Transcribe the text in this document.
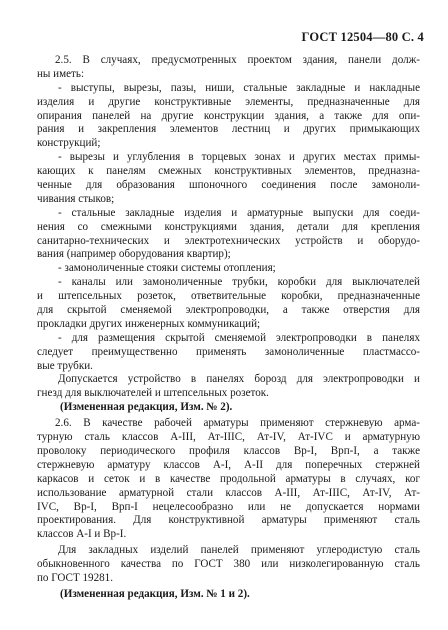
ГОСТ 12504—80 С. 4
2.5. В случаях, предусмотренных проектом здания, панели долж-
ны иметь:
- выступы, вырезы, пазы, ниши, стальные закладные и накладные
изделия и другие конструктивные элементы, предназначенные для
опирания панелей на другие конструкции здания, а также для опи-
рания и закрепления элементов лестниц и других примыкающих
конструкций;
- вырезы и углубления в торцевых зонах и других местах примы-
кающих к панелям смежных конструктивных элементов, предназна-
ченные для образования шпоночного соединения после замоноли-
чивания стыков;
- стальные закладные изделия и арматурные выпуски для соеди-
нения со смежными конструкциями здания, детали для крепления
санитарно-технических и электротехнических устройств и оборудо-
вания (например оборудования квартир);
- замоноличенные стояки системы отопления;
- каналы или замоноличенные трубки, коробки для выключателей
и штепсельных розеток, ответвительные коробки, предназначенные
для скрытой сменяемой электропроводки, а также отверстия для
прокладки других инженерных коммуникаций;
- для размещения скрытой сменяемой электропроводки в панелях
следует преимущественно применять замоноличенные пластмассо-
вые трубки.
Допускается устройство в панелях борозд для электропроводки и
гнезд для выключателей и штепсельных розеток.
(Измененная редакция, Изм. № 2).
2.6. В качестве рабочей арматуры применяют стержневую арма-
турную сталь классов А-III, Ат-IIIС, Ат-IV, Ат-IVС и арматурную
проволоку периодического профиля классов Вр-I, Врп-I, а также
стержневую арматуру классов А-I, А-II для поперечных стержней
каркасов и сеток и в качестве продольной арматуры в случаях, ког
использование арматурной стали классов А-III, Ат-IIIС, Ат-IV, Ат-
IVС, Вр-I, Врп-I нецелесообразно или не допускается нормами
проектирования. Для конструктивной арматуры применяют сталь
классов А-I и Вр-I.
Для закладных изделий панелей применяют углеродистую сталь
обыкновенного качества по ГОСТ 380 или низколегированную сталь
по ГОСТ 19281.
(Измененная редакция, Изм. № 1 и 2).
